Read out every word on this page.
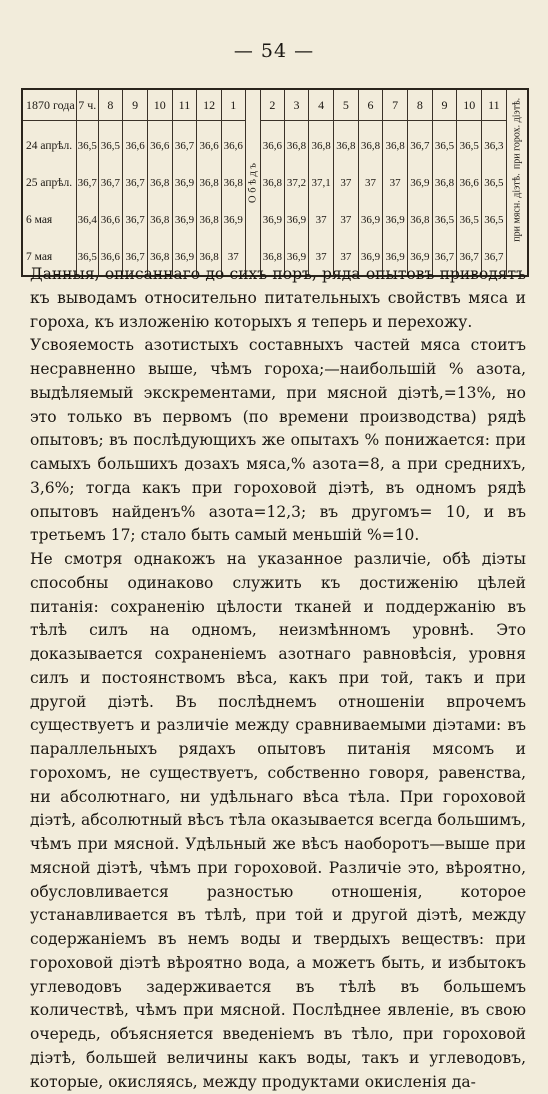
— 54 —
1870 года	7 ч.	8	9	10	11	12	1	О б ѣ д ъ	2	3	4	5	6	7	8	9	10	11	при горох. діэтѣ.
при мясн. діэтѣ.

24 апрѣл.	36,5	36,5	36,6	36,6	36,7	36,6	36,6		36,6	36,8	36,8	36,8	36,8	36,8	36,7	36,5	36,5	36,3	
25 апрѣл.	36,7	36,7	36,7	36,8	36,9	36,8	36,8		36,8	37,2	37,1	37	37	37	36,9	36,8	36,6	36,5	
6 мая	36,4	36,6	36,7	36,8	36,9	36,8	36,9		36,9	36,9	37	37	36,9	36,9	36,8	36,5	36,5	36,5	
7 мая	36,5	36,6	36,7	36,8	36,9	36,8	37		36,8	36,9	37	37	36,9	36,9	36,9	36,7	36,7	36,7	

Данныя, описаннаго до сихъ поръ, ряда опытовъ приводятъ къ выводамъ относительно питательныхъ свойствъ мяса и гороха, къ изложенію которыхъ я теперь и перехожу.

Усвояемость азотистыхъ составныхъ частей мяса стоитъ несравненно выше, чѣмъ гороха;—наибольшій % азота, выдѣляемый экскрементами, при мясной діэтѣ,=13%, но это только въ первомъ (по времени производства) рядѣ опытовъ; въ послѣдующихъ же опытахъ % понижается: при самыхъ большихъ дозахъ мяса,% азота=8, а при среднихъ, 3,6%; тогда какъ при гороховой діэтѣ, въ одномъ рядѣ опытовъ найденъ% азота=12,3; въ другомъ= 10, и въ третьемъ 17; стало быть самый меньшій %=10.

Не смотря однакожъ на указанное различіе, обѣ діэты способны одинаково служить къ достиженію цѣлей питанія: сохраненію цѣлости тканей и поддержанію въ тѣлѣ силъ на одномъ, неизмѣнномъ уровнѣ. Это доказывается сохраненіемъ азотнаго равновѣсія, уровня силъ и постоянствомъ вѣса, какъ при той, такъ и при другой діэтѣ. Въ послѣднемъ отношеніи впрочемъ существуетъ и различіе между сравниваемыми діэтами: въ параллельныхъ рядахъ опытовъ питанія мясомъ и горохомъ, не существуетъ, собственно говоря, равенства, ни абсолютнаго, ни удѣльнаго вѣса тѣла. При гороховой діэтѣ, абсолютный вѣсъ тѣла оказывается всегда большимъ, чѣмъ при мясной. Удѣльный же вѣсъ наоборотъ—выше при мясной діэтѣ, чѣмъ при гороховой. Различіе это, вѣроятно, обусловливается разностью отношенія, которое устанавливается въ тѣлѣ, при той и другой діэтѣ, между содержаніемъ въ немъ воды и твердыхъ веществъ: при гороховой діэтѣ вѣроятно вода, а можетъ быть, и избытокъ углеводовъ задерживается въ тѣлѣ въ большемъ количествѣ, чѣмъ при мясной. Послѣднее явленіе, въ свою очередь, объясняется введеніемъ въ тѣло, при гороховой діэтѣ, большей величины какъ воды, такъ и углеводовъ, которые, окисляясь, между продуктами окисленія да-
